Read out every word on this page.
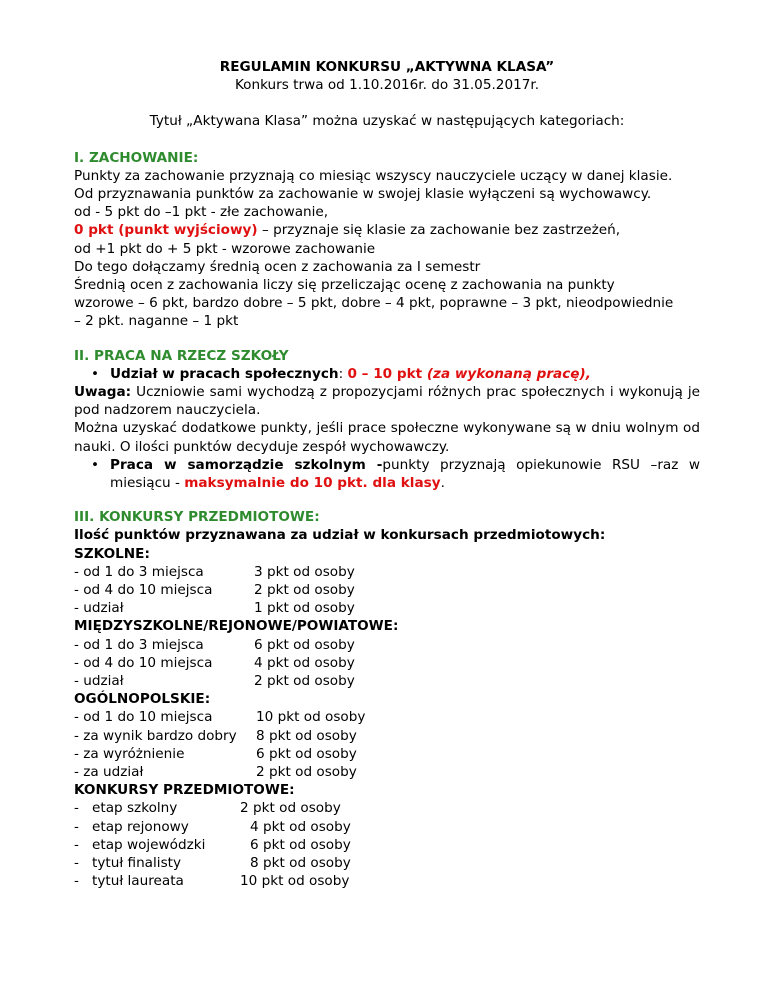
REGULAMIN KONKURSU „AKTYWNA KLASA”
Konkurs trwa od 1.10.2016r. do 31.05.2017r.
Tytuł „Aktywana Klasa” można uzyskać w następujących kategoriach:
I. ZACHOWANIE:
Punkty za zachowanie przyznają co miesiąc wszyscy nauczyciele uczący w danej klasie.
Od przyznawania punktów za zachowanie w swojej klasie wyłączeni są wychowawcy.
od - 5 pkt do –1 pkt - złe zachowanie,
0 pkt (punkt wyjściowy) – przyznaje się klasie za zachowanie bez zastrzeżeń,
od +1 pkt do + 5 pkt - wzorowe zachowanie
Do tego dołączamy średnią ocen z zachowania za I semestr
Średnią ocen z zachowania liczy się przeliczając ocenę z zachowania na punkty
wzorowe – 6 pkt, bardzo dobre – 5 pkt, dobre – 4 pkt, poprawne – 3 pkt, nieodpowiednie
– 2 pkt. naganne – 1 pkt
II. PRACA NA RZECZ SZKOŁY
• Udział w pracach społecznych: 0 – 10 pkt (za wykonaną pracę),
Uwaga: Uczniowie sami wychodzą z propozycjami różnych prac społecznych i wykonują je pod nadzorem nauczyciela.
Można uzyskać dodatkowe punkty, jeśli prace społeczne wykonywane są w dniu wolnym od nauki. O ilości punktów decyduje zespół wychowawczy.
• Praca w samorządzie szkolnym -punkty przyznają opiekunowie RSU –raz w miesiącu - maksymalnie do 10 pkt. dla klasy.
III. KONKURSY PRZEDMIOTOWE:
Ilość punktów przyznawana za udział w konkursach przedmiotowych:
SZKOLNE:
- od 1 do 3 miejsca	3 pkt od osoby
- od 4 do 10 miejsca	2 pkt od osoby
- udział	1 pkt od osoby
MIĘDZYSZKOLNE/REJONOWE/POWIATOWE:
- od 1 do 3 miejsca	6 pkt od osoby
- od 4 do 10 miejsca	4 pkt od osoby
- udział	2 pkt od osoby
OGÓLNOPOLSKIE:
- od 1 do 10 miejsca	10 pkt od osoby
- za wynik bardzo dobry 8 pkt od osoby
- za wyróżnienie	6 pkt od osoby
- za udział	2 pkt od osoby
KONKURSY PRZEDMIOTOWE:
- etap szkolny	2 pkt od osoby
- etap rejonowy	4 pkt od osoby
- etap wojewódzki	6 pkt od osoby
- tytuł finalisty	8 pkt od osoby
- tytuł laureata	10 pkt od osoby
